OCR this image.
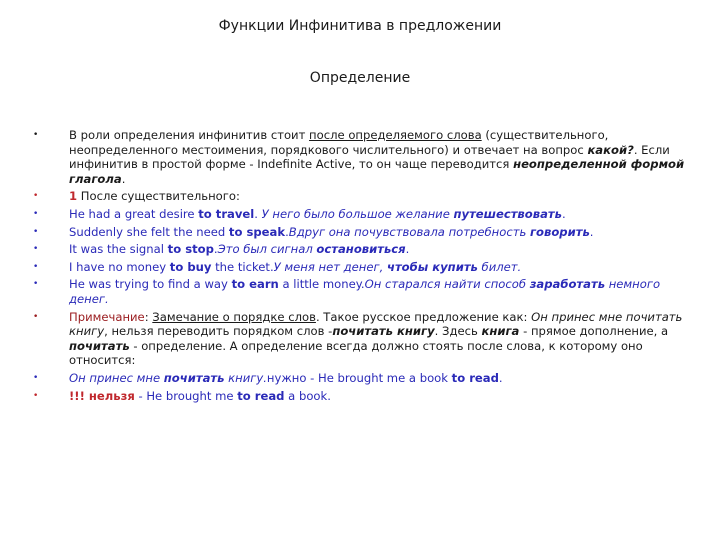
Функции Инфинитива в предложении
Определение
•	В роли определения инфинитив стоит после определяемого слова (существительного, неопределенного местоимения, порядкового числительного) и отвечает на вопрос какой?. Если инфинитив в простой форме - Indefinite Active, то он чаще переводится неопределенной формой глагола.
•	1 После существительного:
•	He had a great desire to travel. У него было большое желание путешествовать.
•	Suddenly she felt the need to speak.Вдруг она почувствовала потребность говорить.
•	It was the signal to stop.Это был сигнал остановиться.
•	I have no money to buy the ticket.У меня нет денег, чтобы купить билет.
•	He was trying to find a way to earn a little money.Он старался найти способ заработать немного денег.
•	Примечание: Замечание о порядке слов. Такое русское предложение как: Он принес мне почитать книгу, нельзя переводить порядком слов -почитать книгу. Здесь книга - прямое дополнение, а почитать - определение. А определение всегда должно стоять после слова, к которому оно относится:
•	Он принес мне почитать книгу.нужно - He brought me a book to read.
•	!!! нельзя - He brought me to read a book.
